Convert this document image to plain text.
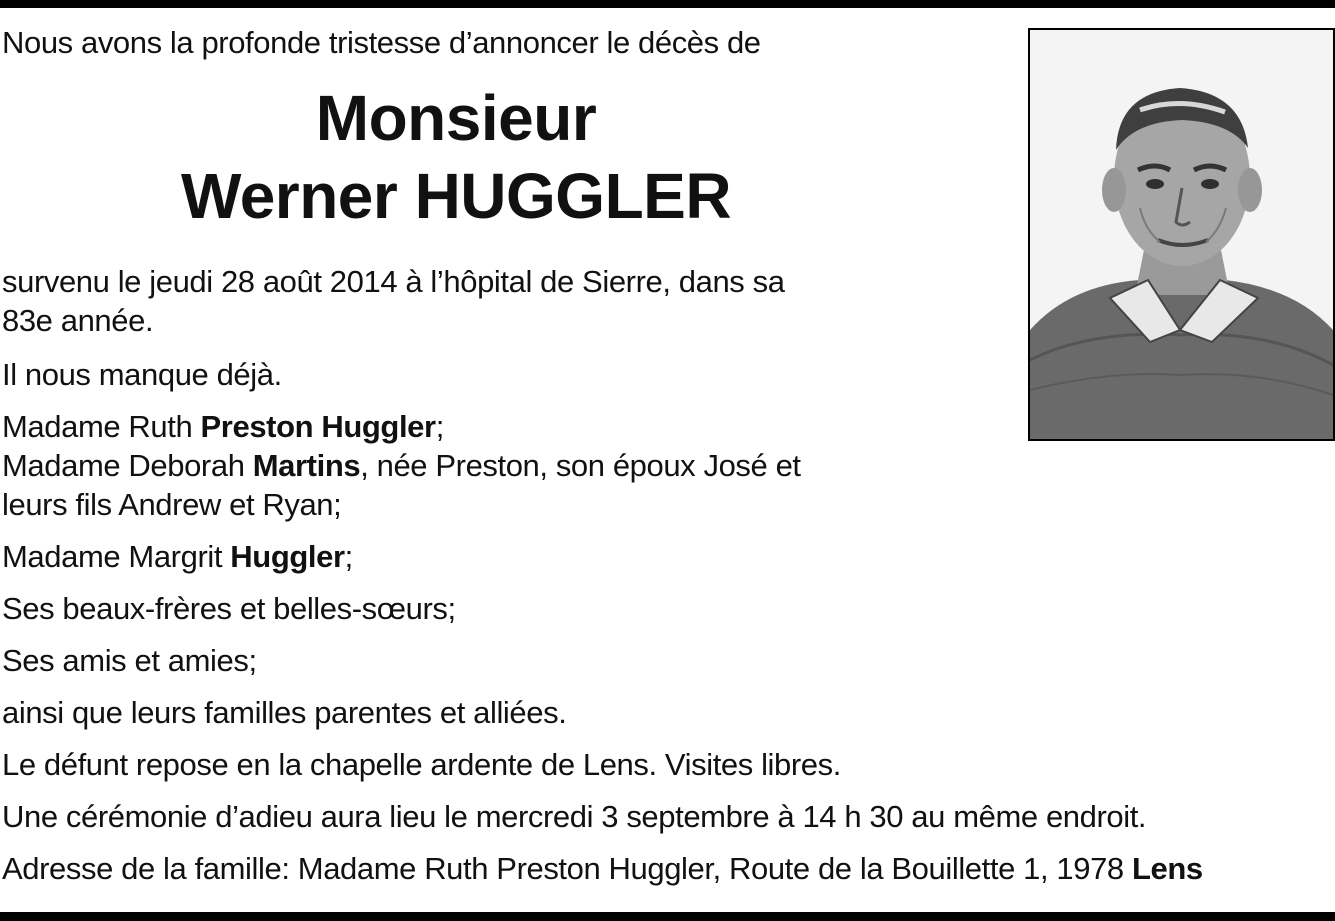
Nous avons la profonde tristesse d’annoncer le décès de
Monsieur
Werner HUGGLER
survenu le jeudi 28 août 2014 à l’hôpital de Sierre, dans sa
83e année.
Il nous manque déjà.
Madame Ruth Preston Huggler;
Madame Deborah Martins, née Preston, son époux José et
leurs fils Andrew et Ryan;
Madame Margrit Huggler;
Ses beaux-frères et belles-sœurs;
Ses amis et amies;
ainsi que leurs familles parentes et alliées.
Le défunt repose en la chapelle ardente de Lens. Visites libres.
Une cérémonie d’adieu aura lieu le mercredi 3 septembre à 14 h 30 au même endroit.
Adresse de la famille: Madame Ruth Preston Huggler, Route de la Bouillette 1, 1978 Lens
